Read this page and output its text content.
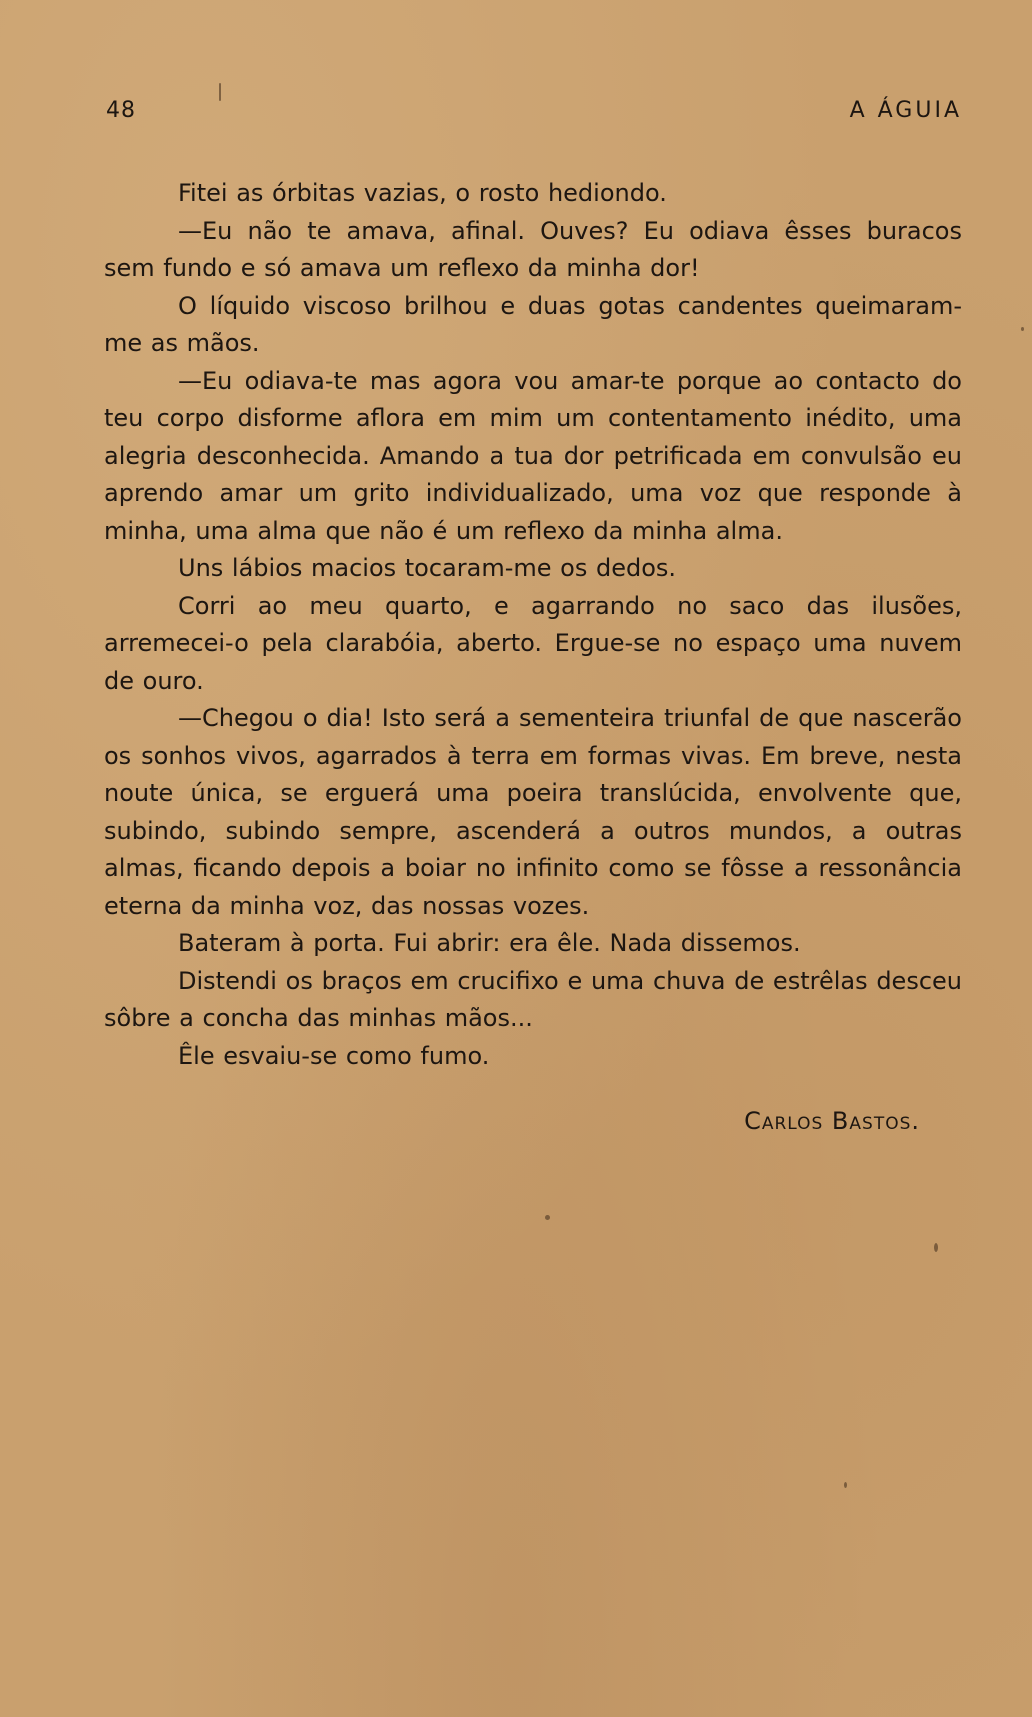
48	A ÁGUIA

Fitei as órbitas vazias, o rosto hediondo.

—Eu não te amava, afinal. Ouves? Eu odiava êsses buracos sem fundo e só amava um reflexo da minha dor!

O líquido viscoso brilhou e duas gotas candentes queimaram-me as mãos.

—Eu odiava-te mas agora vou amar-te porque ao contacto do teu corpo disforme aflora em mim um contentamento inédito, uma alegria desconhecida. Amando a tua dor petrificada em convulsão eu aprendo amar um grito individualizado, uma voz que responde à minha, uma alma que não é um reflexo da minha alma.

Uns lábios macios tocaram-me os dedos.

Corri ao meu quarto, e agarrando no saco das ilusões, arremecei-o pela clarabóia, aberto. Ergue-se no espaço uma nuvem de ouro.

—Chegou o dia! Isto será a sementeira triunfal de que nascerão os sonhos vivos, agarrados à terra em formas vivas. Em breve, nesta noute única, se erguerá uma poeira translúcida, envolvente que, subindo, subindo sempre, ascenderá a outros mundos, a outras almas, ficando depois a boiar no infinito como se fôsse a ressonância eterna da minha voz, das nossas vozes.

Bateram à porta. Fui abrir: era êle. Nada dissemos.

Distendi os braços em crucifixo e uma chuva de estrêlas desceu sôbre a concha das minhas mãos...

Êle esvaiu-se como fumo.

Carlos Bastos.
